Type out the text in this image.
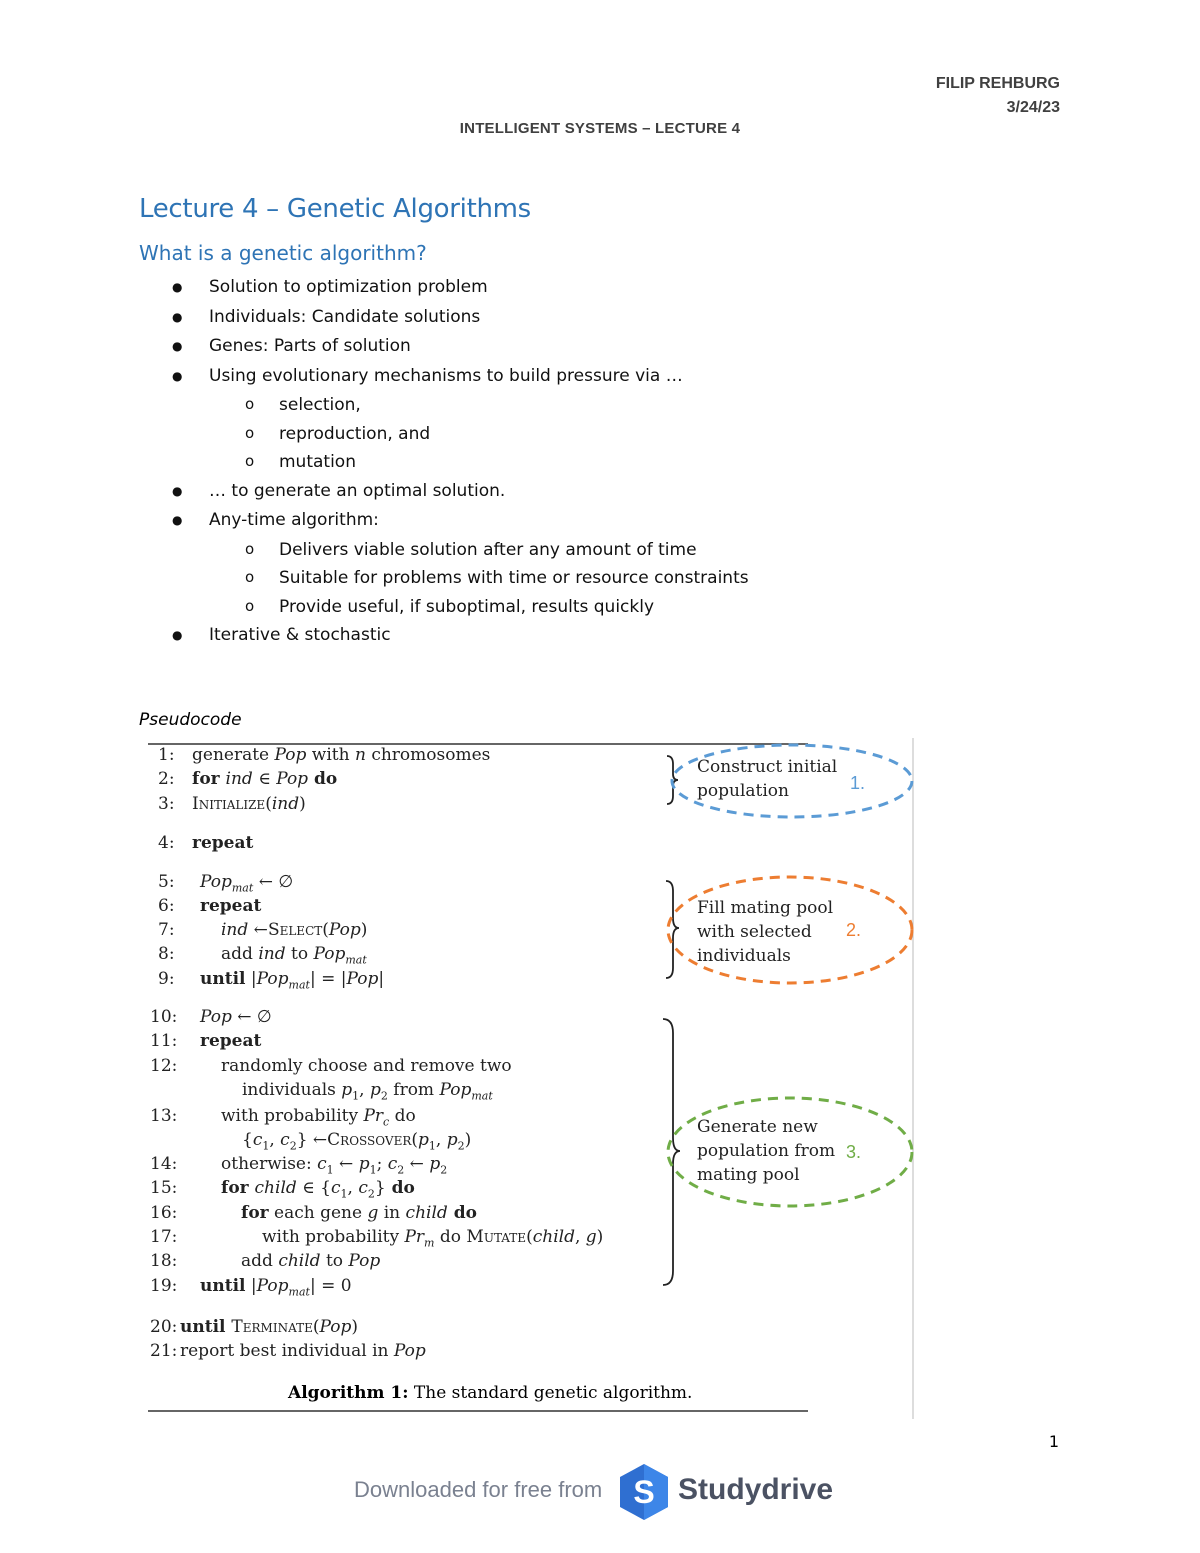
FILIP REHBURG
3/24/23
INTELLIGENT SYSTEMS – LECTURE 4
Lecture 4 – Genetic Algorithms
What is a genetic algorithm?
● Solution to optimization problem
● Individuals: Candidate solutions
● Genes: Parts of solution
● Using evolutionary mechanisms to build pressure via …
o selection,
o reproduction, and
o mutation
● … to generate an optimal solution.
● Any-time algorithm:
o Delivers viable solution after any amount of time
o Suitable for problems with time or resource constraints
o Provide useful, if suboptimal, results quickly
● Iterative & stochastic
Pseudocode
1: generate Pop with n chromosomes
2: for ind ∈ Pop do
3: Initialize(ind)
4: repeat
5: Pop$_{mat}$ ← ∅
6: repeat
7:	ind ←Select(Pop)
8:	add ind to Pop$_{mat}$
9: until |Pop$_{mat}$| = |Pop|
10: Pop ← ∅
11: repeat
12:	randomly choose and remove two
individuals $p_1$, $p_2$ from Pop$_{mat}$
13:	with probability $Pr_c$ do
{$c_1$, $c_2$} $\leftarrow Crossover(p_1$, $p_2$)
14:	otherwise: $c_1$ ← $p_1$; $c_2$ ← $p_2$
15:	for child ∈ {$c_1$, $c_2$} do
16:	for each gene g in child do
17:	with probability $Pr_m$ do Mutate(child, g)
18:	add child to Pop
19: until |Pop$_{mat}$| = 0
20: until Terminate(Pop)
21: report best individual in Pop
Algorithm 1: The standard genetic algorithm.
Construct initial
population	1.
Fill mating pool
with selected
individuals
2.
Generate new
population from
mating pool
3.
1
Downloaded for free from S Studydrive
